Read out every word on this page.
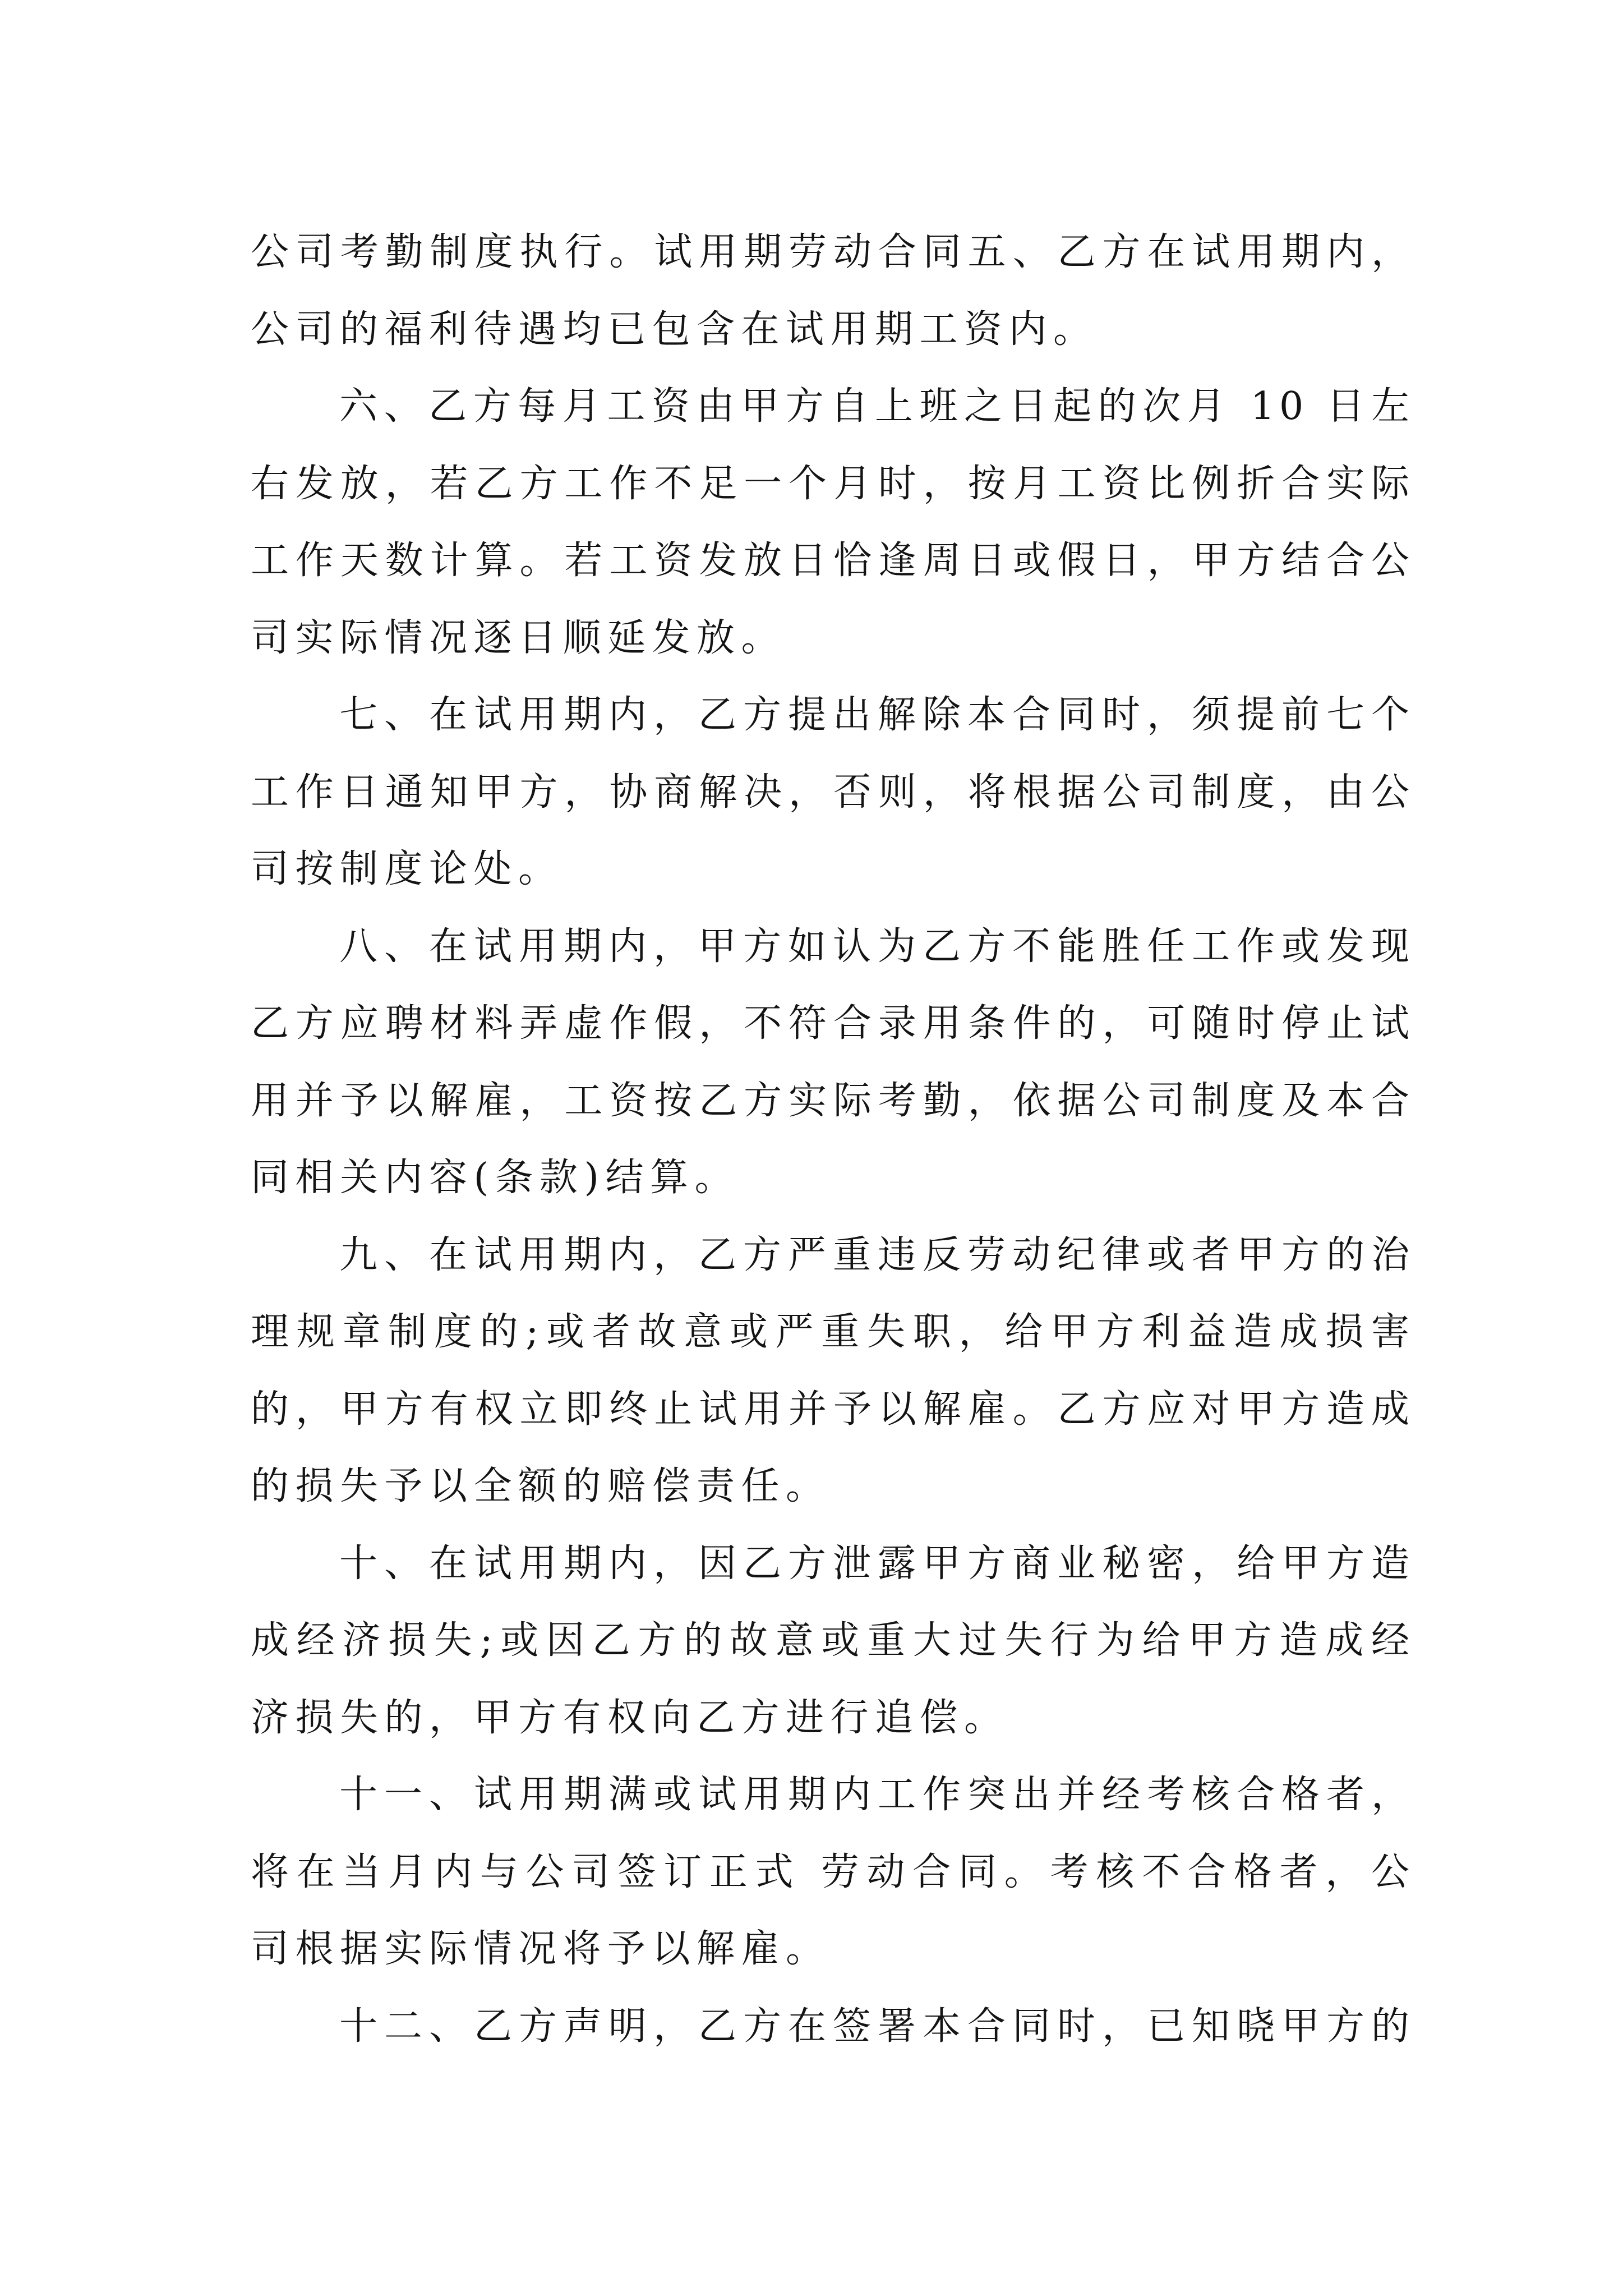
公司考勤制度执行。试用期劳动合同五、乙方在试用期内，
公司的福利待遇均已包含在试用期工资内。
六、乙方每月工资由甲方自上班之日起的次月 10 日左
右发放，若乙方工作不足一个月时，按月工资比例折合实际
工作天数计算。若工资发放日恰逢周日或假日，甲方结合公
司实际情况逐日顺延发放。
七、在试用期内，乙方提出解除本合同时，须提前七个
工作日通知甲方，协商解决，否则，将根据公司制度，由公
司按制度论处。
八、在试用期内，甲方如认为乙方不能胜任工作或发现
乙方应聘材料弄虚作假，不符合录用条件的，可随时停止试
用并予以解雇，工资按乙方实际考勤，依据公司制度及本合
同相关内容(条款)结算。
九、在试用期内，乙方严重违反劳动纪律或者甲方的治
理规章制度的;或者故意或严重失职，给甲方利益造成损害
的，甲方有权立即终止试用并予以解雇。乙方应对甲方造成
的损失予以全额的赔偿责任。
十、在试用期内，因乙方泄露甲方商业秘密，给甲方造
成经济损失;或因乙方的故意或重大过失行为给甲方造成经
济损失的，甲方有权向乙方进行追偿。
十一、试用期满或试用期内工作突出并经考核合格者，
将在当月内与公司签订正式 劳动合同。考核不合格者，公
司根据实际情况将予以解雇。
十二、乙方声明，乙方在签署本合同时，已知晓甲方的
